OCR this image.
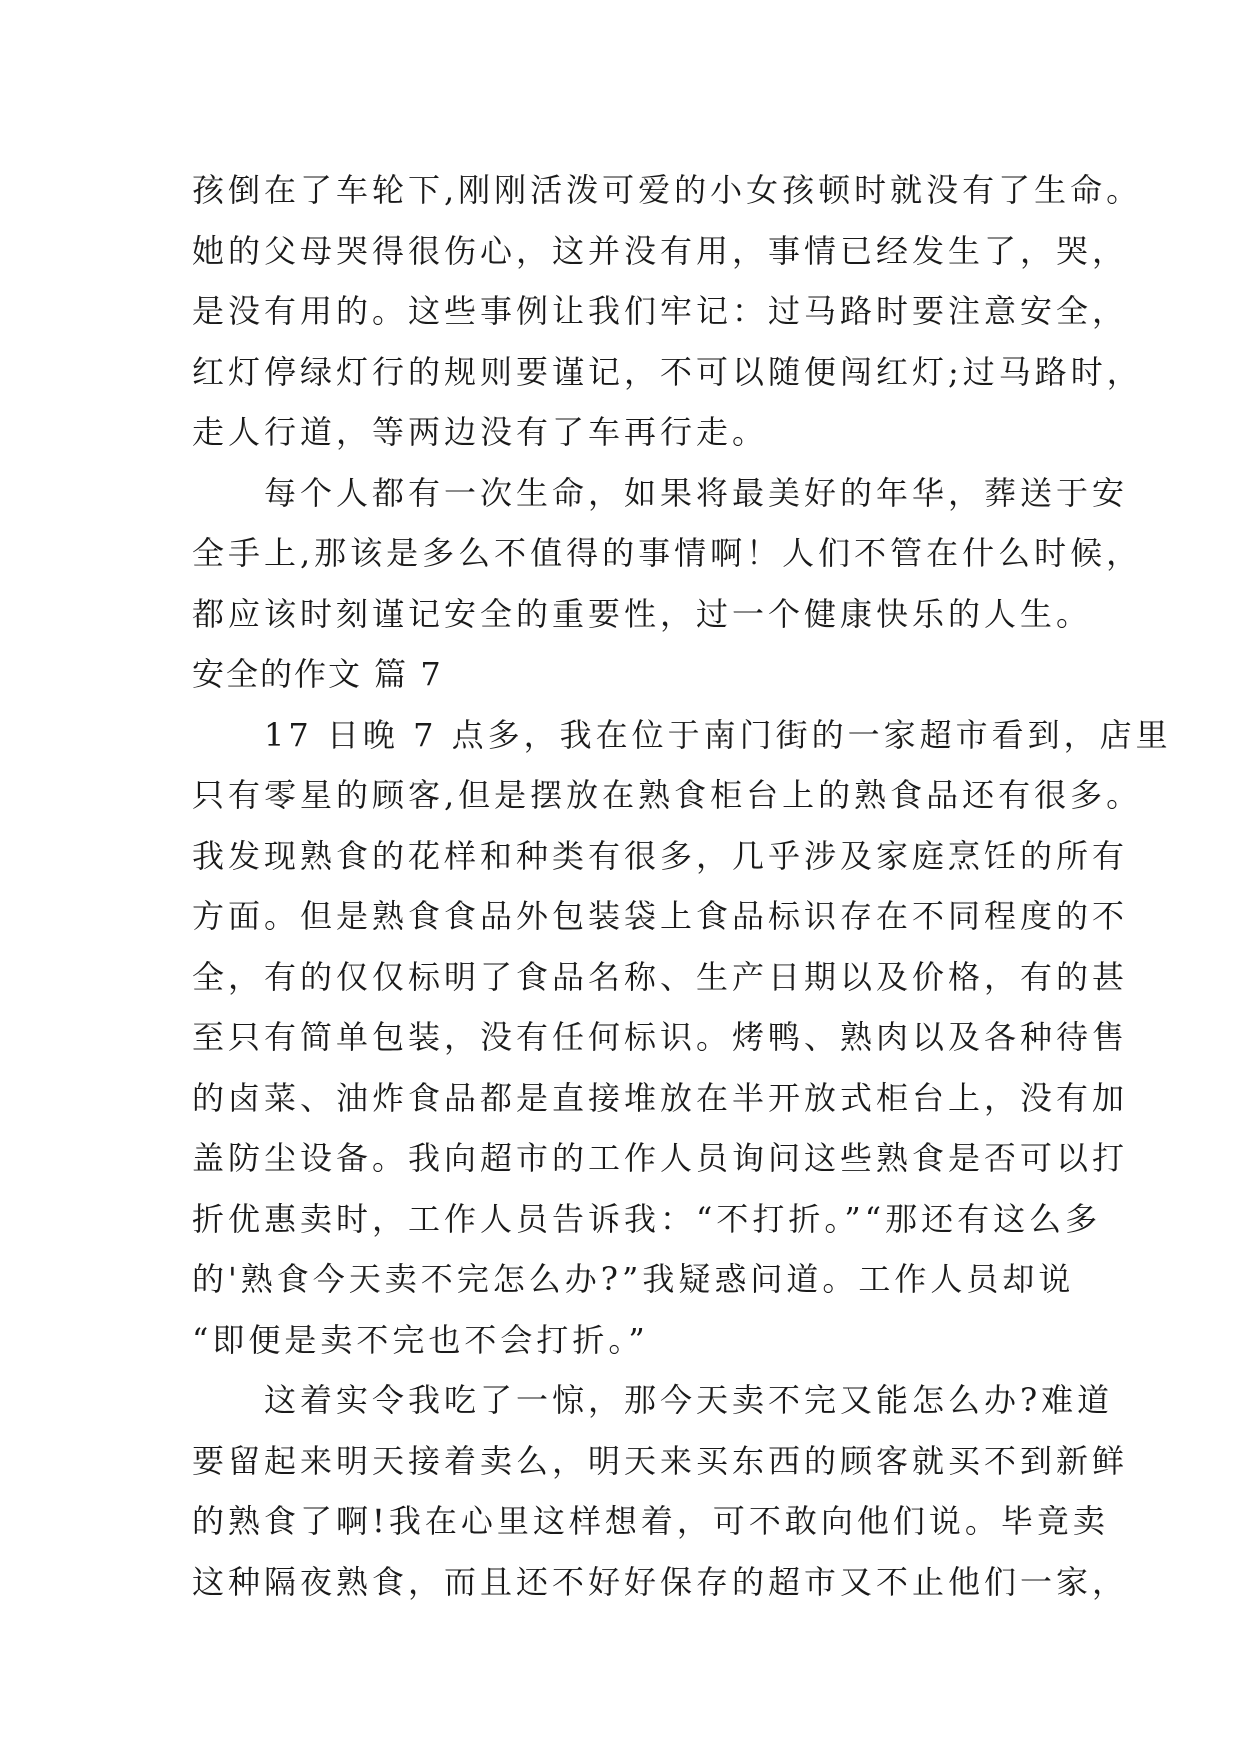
孩倒在了车轮下,刚刚活泼可爱的小女孩顿时就没有了生命。
她的父母哭得很伤心，这并没有用，事情已经发生了，哭，
是没有用的。这些事例让我们牢记：过马路时要注意安全，
红灯停绿灯行的规则要谨记，不可以随便闯红灯;过马路时，
走人行道，等两边没有了车再行走。
　　每个人都有一次生命，如果将最美好的年华，葬送于安
全手上,那该是多么不值得的事情啊！人们不管在什么时候，
都应该时刻谨记安全的重要性，过一个健康快乐的人生。
安全的作文 篇 7
　　17 日晚 7 点多，我在位于南门街的一家超市看到，店里
只有零星的顾客,但是摆放在熟食柜台上的熟食品还有很多。
我发现熟食的花样和种类有很多，几乎涉及家庭烹饪的所有
方面。但是熟食食品外包装袋上食品标识存在不同程度的不
全，有的仅仅标明了食品名称、生产日期以及价格，有的甚
至只有简单包装，没有任何标识。烤鸭、熟肉以及各种待售
的卤菜、油炸食品都是直接堆放在半开放式柜台上，没有加
盖防尘设备。我向超市的工作人员询问这些熟食是否可以打
折优惠卖时，工作人员告诉我：“不打折。”“那还有这么多
的'熟食今天卖不完怎么办?”我疑惑问道。工作人员却说
“即便是卖不完也不会打折。”
　　这着实令我吃了一惊，那今天卖不完又能怎么办?难道
要留起来明天接着卖么，明天来买东西的顾客就买不到新鲜
的熟食了啊!我在心里这样想着，可不敢向他们说。毕竟卖
这种隔夜熟食，而且还不好好保存的超市又不止他们一家，
